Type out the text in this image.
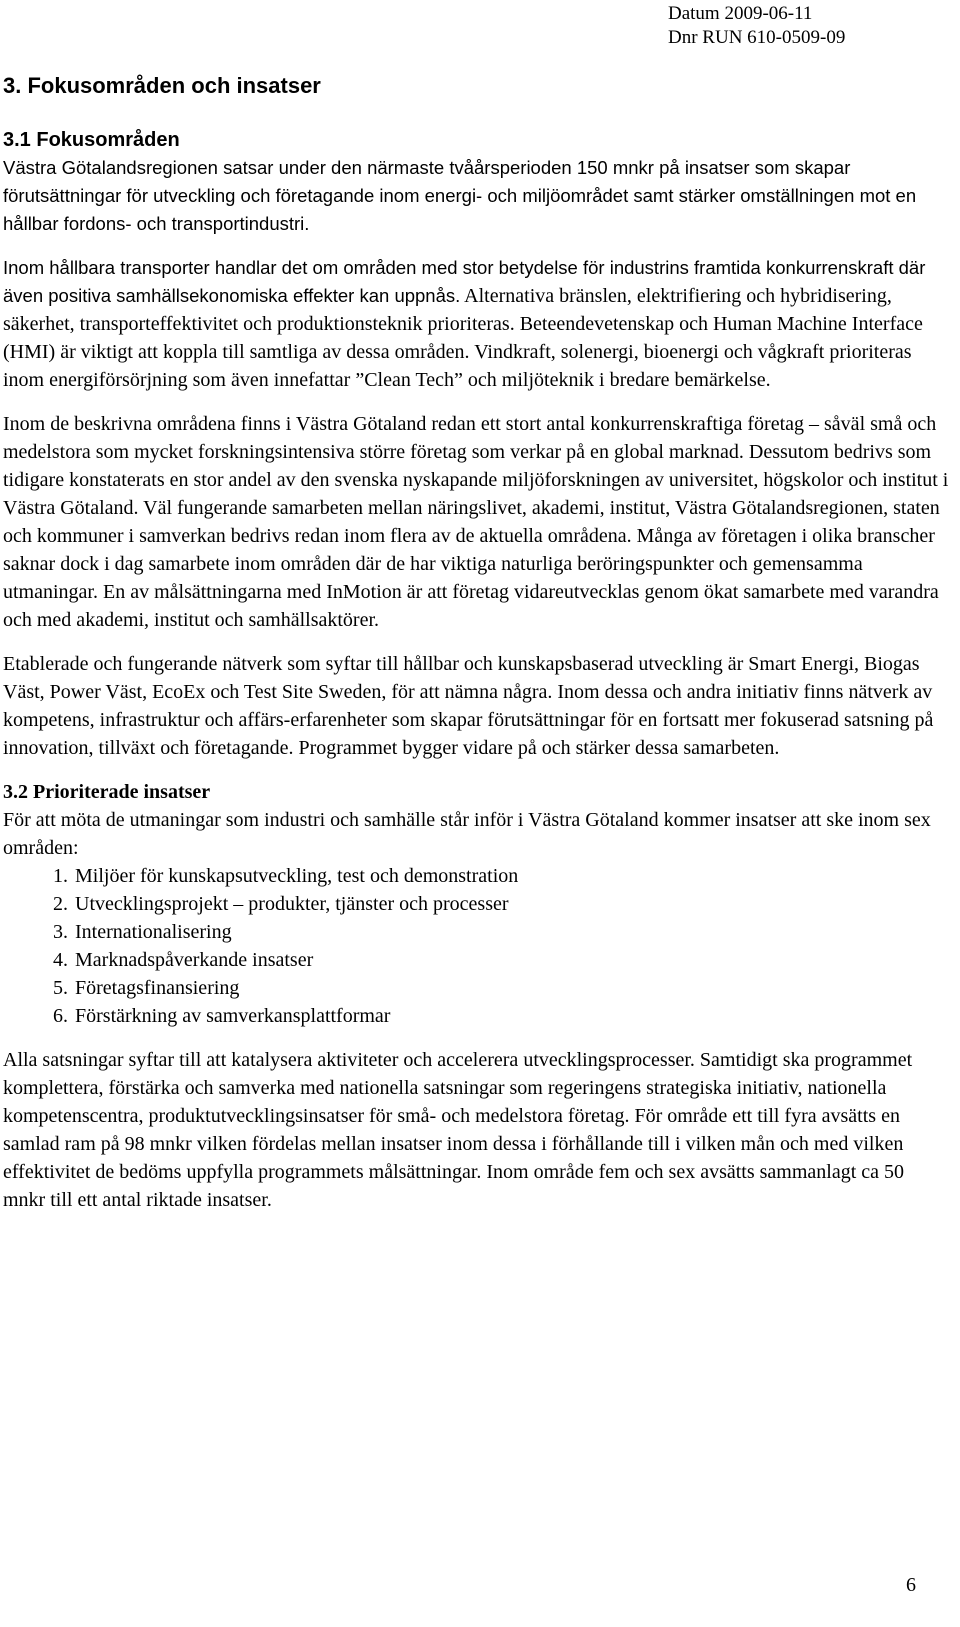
Datum 2009-06-11
Dnr RUN 610-0509-09
3. Fokusområden och insatser

3.1 Fokusområden
Västra Götalandsregionen satsar under den närmaste tvåårsperioden 150 mnkr på insatser som skapar förutsättningar för utveckling och företagande inom energi- och miljöområdet samt stärker omställningen mot en hållbar fordons- och transportindustri.

Inom hållbara transporter handlar det om områden med stor betydelse för industrins framtida konkurrenskraft där även positiva samhällsekonomiska effekter kan uppnås. Alternativa bränslen, elektrifiering och hybridisering, säkerhet, transporteffektivitet och produktionsteknik prioriteras. Beteendevetenskap och Human Machine Interface (HMI) är viktigt att koppla till samtliga av dessa områden. Vindkraft, solenergi, bioenergi och vågkraft prioriteras inom energiförsörjning som även innefattar ”Clean Tech” och miljöteknik i bredare bemärkelse.

Inom de beskrivna områdena finns i Västra Götaland redan ett stort antal konkurrenskraftiga företag – såväl små och medelstora som mycket forskningsintensiva större företag som verkar på en global marknad. Dessutom bedrivs som tidigare konstaterats en stor andel av den svenska nyskapande miljöforskningen av universitet, högskolor och institut i Västra Götaland. Väl fungerande samarbeten mellan näringslivet, akademi, institut, Västra Götalandsregionen, staten och kommuner i samverkan bedrivs redan inom flera av de aktuella områdena. Många av företagen i olika branscher saknar dock i dag samarbete inom områden där de har viktiga naturliga beröringspunkter och gemensamma utmaningar. En av målsättningarna med InMotion är att företag vidareutvecklas genom ökat samarbete med varandra och med akademi, institut och samhällsaktörer.

Etablerade och fungerande nätverk som syftar till hållbar och kunskapsbaserad utveckling är Smart Energi, Biogas Väst, Power Väst, EcoEx och Test Site Sweden, för att nämna några. Inom dessa och andra initiativ finns nätverk av kompetens, infrastruktur och affärs-erfarenheter som skapar förutsättningar för en fortsatt mer fokuserad satsning på innovation, tillväxt och företagande. Programmet bygger vidare på och stärker dessa samarbeten.

3.2 Prioriterade insatser
För att möta de utmaningar som industri och samhälle står inför i Västra Götaland kommer insatser att ske inom sex områden:

1. Miljöer för kunskapsutveckling, test och demonstration
2. Utvecklingsprojekt – produkter, tjänster och processer
3. Internationalisering
4. Marknadspåverkande insatser
5. Företagsfinansiering
6. Förstärkning av samverkansplattformar

Alla satsningar syftar till att katalysera aktiviteter och accelerera utvecklingsprocesser. Samtidigt ska programmet komplettera, förstärka och samverka med nationella satsningar som regeringens strategiska initiativ, nationella kompetenscentra, produktutvecklingsinsatser för små- och medelstora företag. För område ett till fyra avsätts en samlad ram på 98 mnkr vilken fördelas mellan insatser inom dessa i förhållande till i vilken mån och med vilken effektivitet de bedöms uppfylla programmets målsättningar. Inom område fem och sex avsätts sammanlagt ca 50 mnkr till ett antal riktade insatser.

6
